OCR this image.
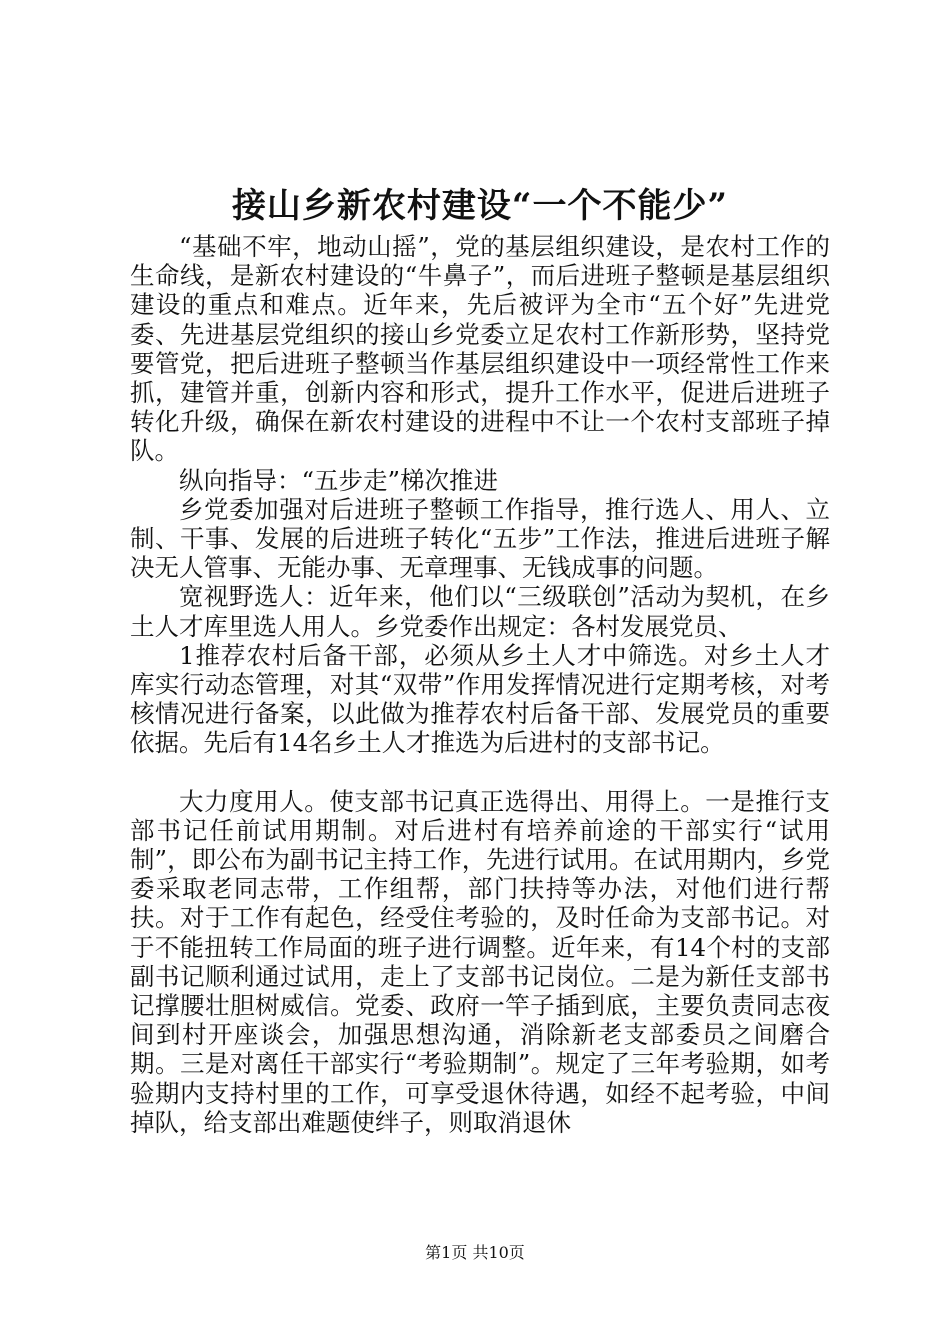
接山乡新农村建设“一个不能少”

“基础不牢，地动山摇”，党的基层组织建设，是农村工作的生命线，是新农村建设的“牛鼻子”，而后进班子整顿是基层组织建设的重点和难点。近年来，先后被评为全市“五个好”先进党委、先进基层党组织的接山乡党委立足农村工作新形势，坚持党要管党，把后进班子整顿当作基层组织建设中一项经常性工作来抓，建管并重，创新内容和形式，提升工作水平，促进后进班子转化升级，确保在新农村建设的进程中不让一个农村支部班子掉队。

纵向指导：“五步走”梯次推进

乡党委加强对后进班子整顿工作指导，推行选人、用人、立制、干事、发展的后进班子转化“五步”工作法，推进后进班子解决无人管事、无能办事、无章理事、无钱成事的问题。

宽视野选人：近年来，他们以“三级联创”活动为契机，在乡土人才库里选人用人。乡党委作出规定：各村发展党员、

1推荐农村后备干部，必须从乡土人才中筛选。对乡土人才库实行动态管理，对其“双带”作用发挥情况进行定期考核，对考核情况进行备案，以此做为推荐农村后备干部、发展党员的重要依据。先后有14名乡土人才推选为后进村的支部书记。

大力度用人。使支部书记真正选得出、用得上。一是推行支部书记任前试用期制。对后进村有培养前途的干部实行“试用制”，即公布为副书记主持工作，先进行试用。在试用期内，乡党委采取老同志带，工作组帮，部门扶持等办法，对他们进行帮扶。对于工作有起色，经受住考验的，及时任命为支部书记。对于不能扭转工作局面的班子进行调整。近年来，有14个村的支部副书记顺利通过试用，走上了支部书记岗位。二是为新任支部书记撑腰壮胆树威信。党委、政府一竿子插到底，主要负责同志夜间到村开座谈会，加强思想沟通，消除新老支部委员之间磨合期。三是对离任干部实行“考验期制”。规定了三年考验期，如考验期内支持村里的工作，可享受退休待遇，如经不起考验，中间掉队，给支部出难题使绊子，则取消退休

第1页 共10页
